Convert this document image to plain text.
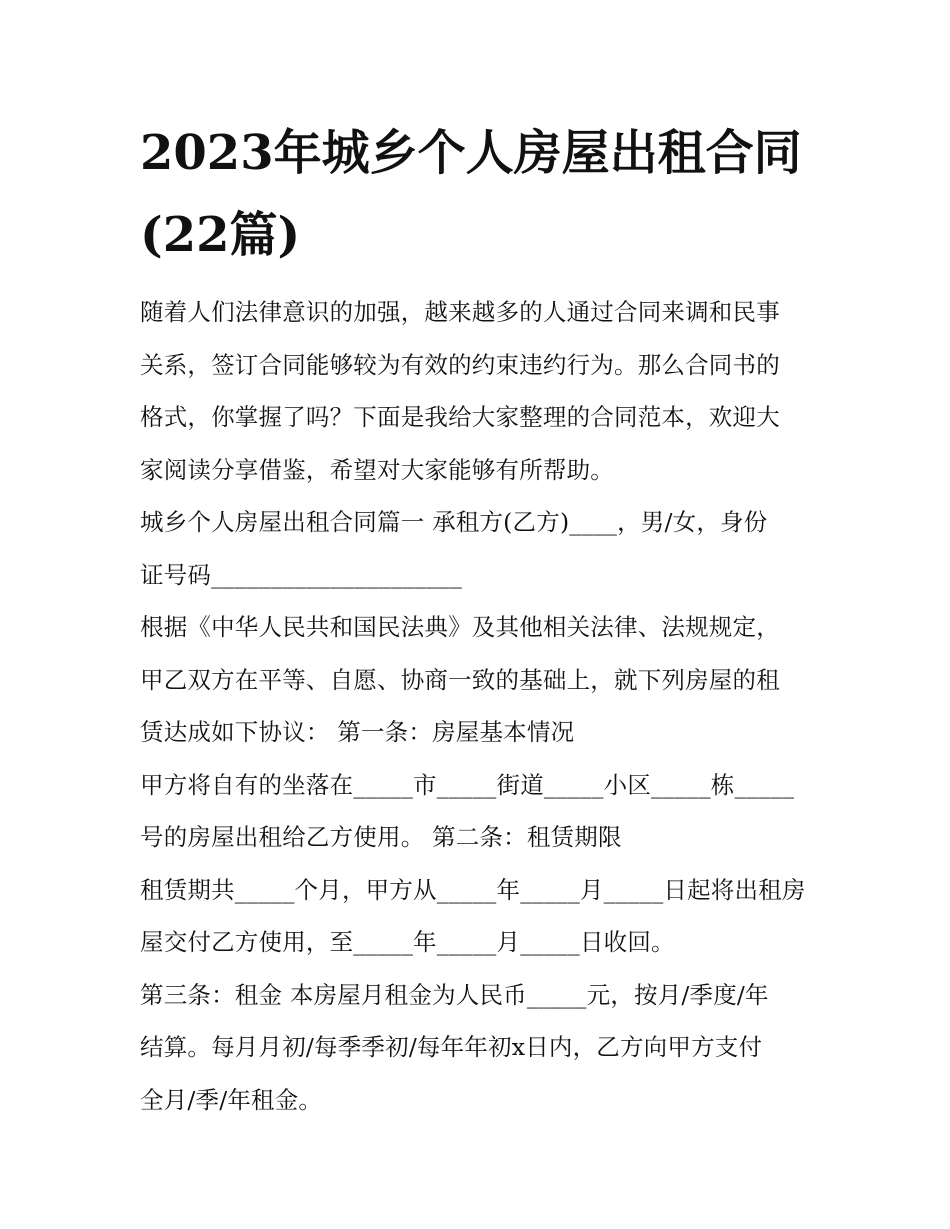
2023年城乡个人房屋出租合同
(22篇)

随着人们法律意识的加强，越来越多的人通过合同来调和民事
关系，签订合同能够较为有效的约束违约行为。那么合同书的
格式，你掌握了吗？下面是我给大家整理的合同范本，欢迎大
家阅读分享借鉴，希望对大家能够有所帮助。

城乡个人房屋出租合同篇一 承租方(乙方)____，男/女，身份
证号码_____________________

根据《中华人民共和国民法典》及其他相关法律、法规规定，
甲乙双方在平等、自愿、协商一致的基础上，就下列房屋的租
赁达成如下协议： 第一条：房屋基本情况

甲方将自有的坐落在_____市_____街道_____小区_____栋_____
号的房屋出租给乙方使用。 第二条：租赁期限

租赁期共_____个月，甲方从_____年_____月_____日起将出租房
屋交付乙方使用，至_____年_____月_____日收回。

第三条：租金 本房屋月租金为人民币_____元，按月/季度/年
结算。每月月初/每季季初/每年年初x日内，乙方向甲方支付
全月/季/年租金。
